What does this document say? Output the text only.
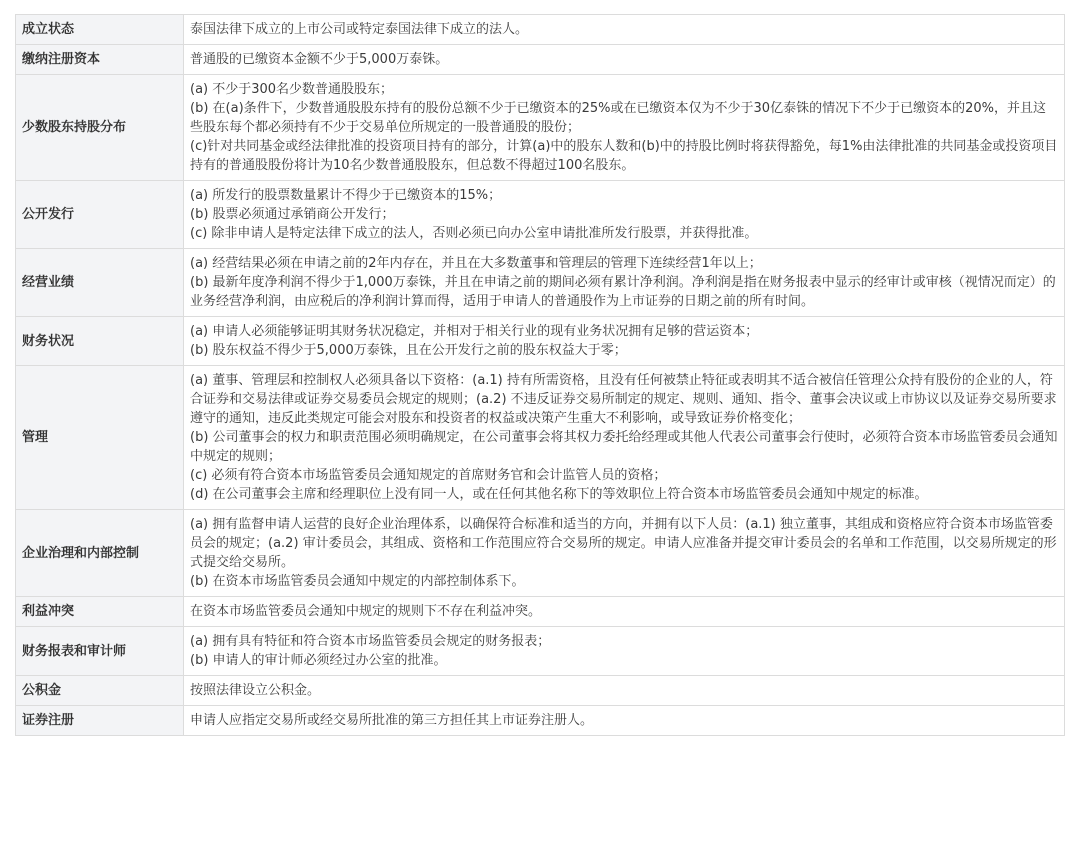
成立状态	泰国法律下成立的上市公司或特定泰国法律下成立的法人。
缴纳注册资本	普通股的已缴资本金额不少于5,000万泰铢。
少数股东持股分布	(a) 不少于300名少数普通股股东；
(b) 在(a)条件下，少数普通股股东持有的股份总额不少于已缴资本的25%或在已缴资本仅为不少于30亿泰铢的情况下不少于已缴资本的20%，并且这些股东每个都必须持有不少于交易单位所规定的一股普通股的股份；
(c)针对共同基金或经法律批准的投资项目持有的部分，计算(a)中的股东人数和(b)中的持股比例时将获得豁免，每1%由法律批准的共同基金或投资项目持有的普通股股份将计为10名少数普通股股东，但总数不得超过100名股东。
公开发行	(a) 所发行的股票数量累计不得少于已缴资本的15%；
(b) 股票必须通过承销商公开发行；
(c) 除非申请人是特定法律下成立的法人，否则必须已向办公室申请批准所发行股票，并获得批准。
经营业绩	(a) 经营结果必须在申请之前的2年内存在，并且在大多数董事和管理层的管理下连续经营1年以上；
(b) 最新年度净利润不得少于1,000万泰铢，并且在申请之前的期间必须有累计净利润。净利润是指在财务报表中显示的经审计或审核（视情况而定）的业务经营净利润，由应税后的净利润计算而得，适用于申请人的普通股作为上市证券的日期之前的所有时间。
财务状况	(a) 申请人必须能够证明其财务状况稳定，并相对于相关行业的现有业务状况拥有足够的营运资本；
(b) 股东权益不得少于5,000万泰铢，且在公开发行之前的股东权益大于零；
管理	(a) 董事、管理层和控制权人必须具备以下资格：(a.1) 持有所需资格，且没有任何被禁止特征或表明其不适合被信任管理公众持有股份的企业的人，符合证券和交易法律或证券交易委员会规定的规则；(a.2) 不违反证券交易所制定的规定、规则、通知、指令、董事会决议或上市协议以及证券交易所要求遵守的通知，违反此类规定可能会对股东和投资者的权益或决策产生重大不利影响，或导致证券价格变化；
(b) 公司董事会的权力和职责范围必须明确规定，在公司董事会将其权力委托给经理或其他人代表公司董事会行使时，必须符合资本市场监管委员会通知中规定的规则；
(c) 必须有符合资本市场监管委员会通知规定的首席财务官和会计监管人员的资格；
(d) 在公司董事会主席和经理职位上没有同一人，或在任何其他名称下的等效职位上符合资本市场监管委员会通知中规定的标准。
企业治理和内部控制	(a) 拥有监督申请人运营的良好企业治理体系，以确保符合标准和适当的方向，并拥有以下人员：(a.1) 独立董事，其组成和资格应符合资本市场监管委员会的规定；(a.2) 审计委员会，其组成、资格和工作范围应符合交易所的规定。申请人应准备并提交审计委员会的名单和工作范围，以交易所规定的形式提交给交易所。
(b) 在资本市场监管委员会通知中规定的内部控制体系下。
利益冲突	在资本市场监管委员会通知中规定的规则下不存在利益冲突。
财务报表和审计师	(a) 拥有具有特征和符合资本市场监管委员会规定的财务报表；
(b) 申请人的审计师必须经过办公室的批准。
公积金	按照法律设立公积金。
证券注册	申请人应指定交易所或经交易所批准的第三方担任其上市证券注册人。
